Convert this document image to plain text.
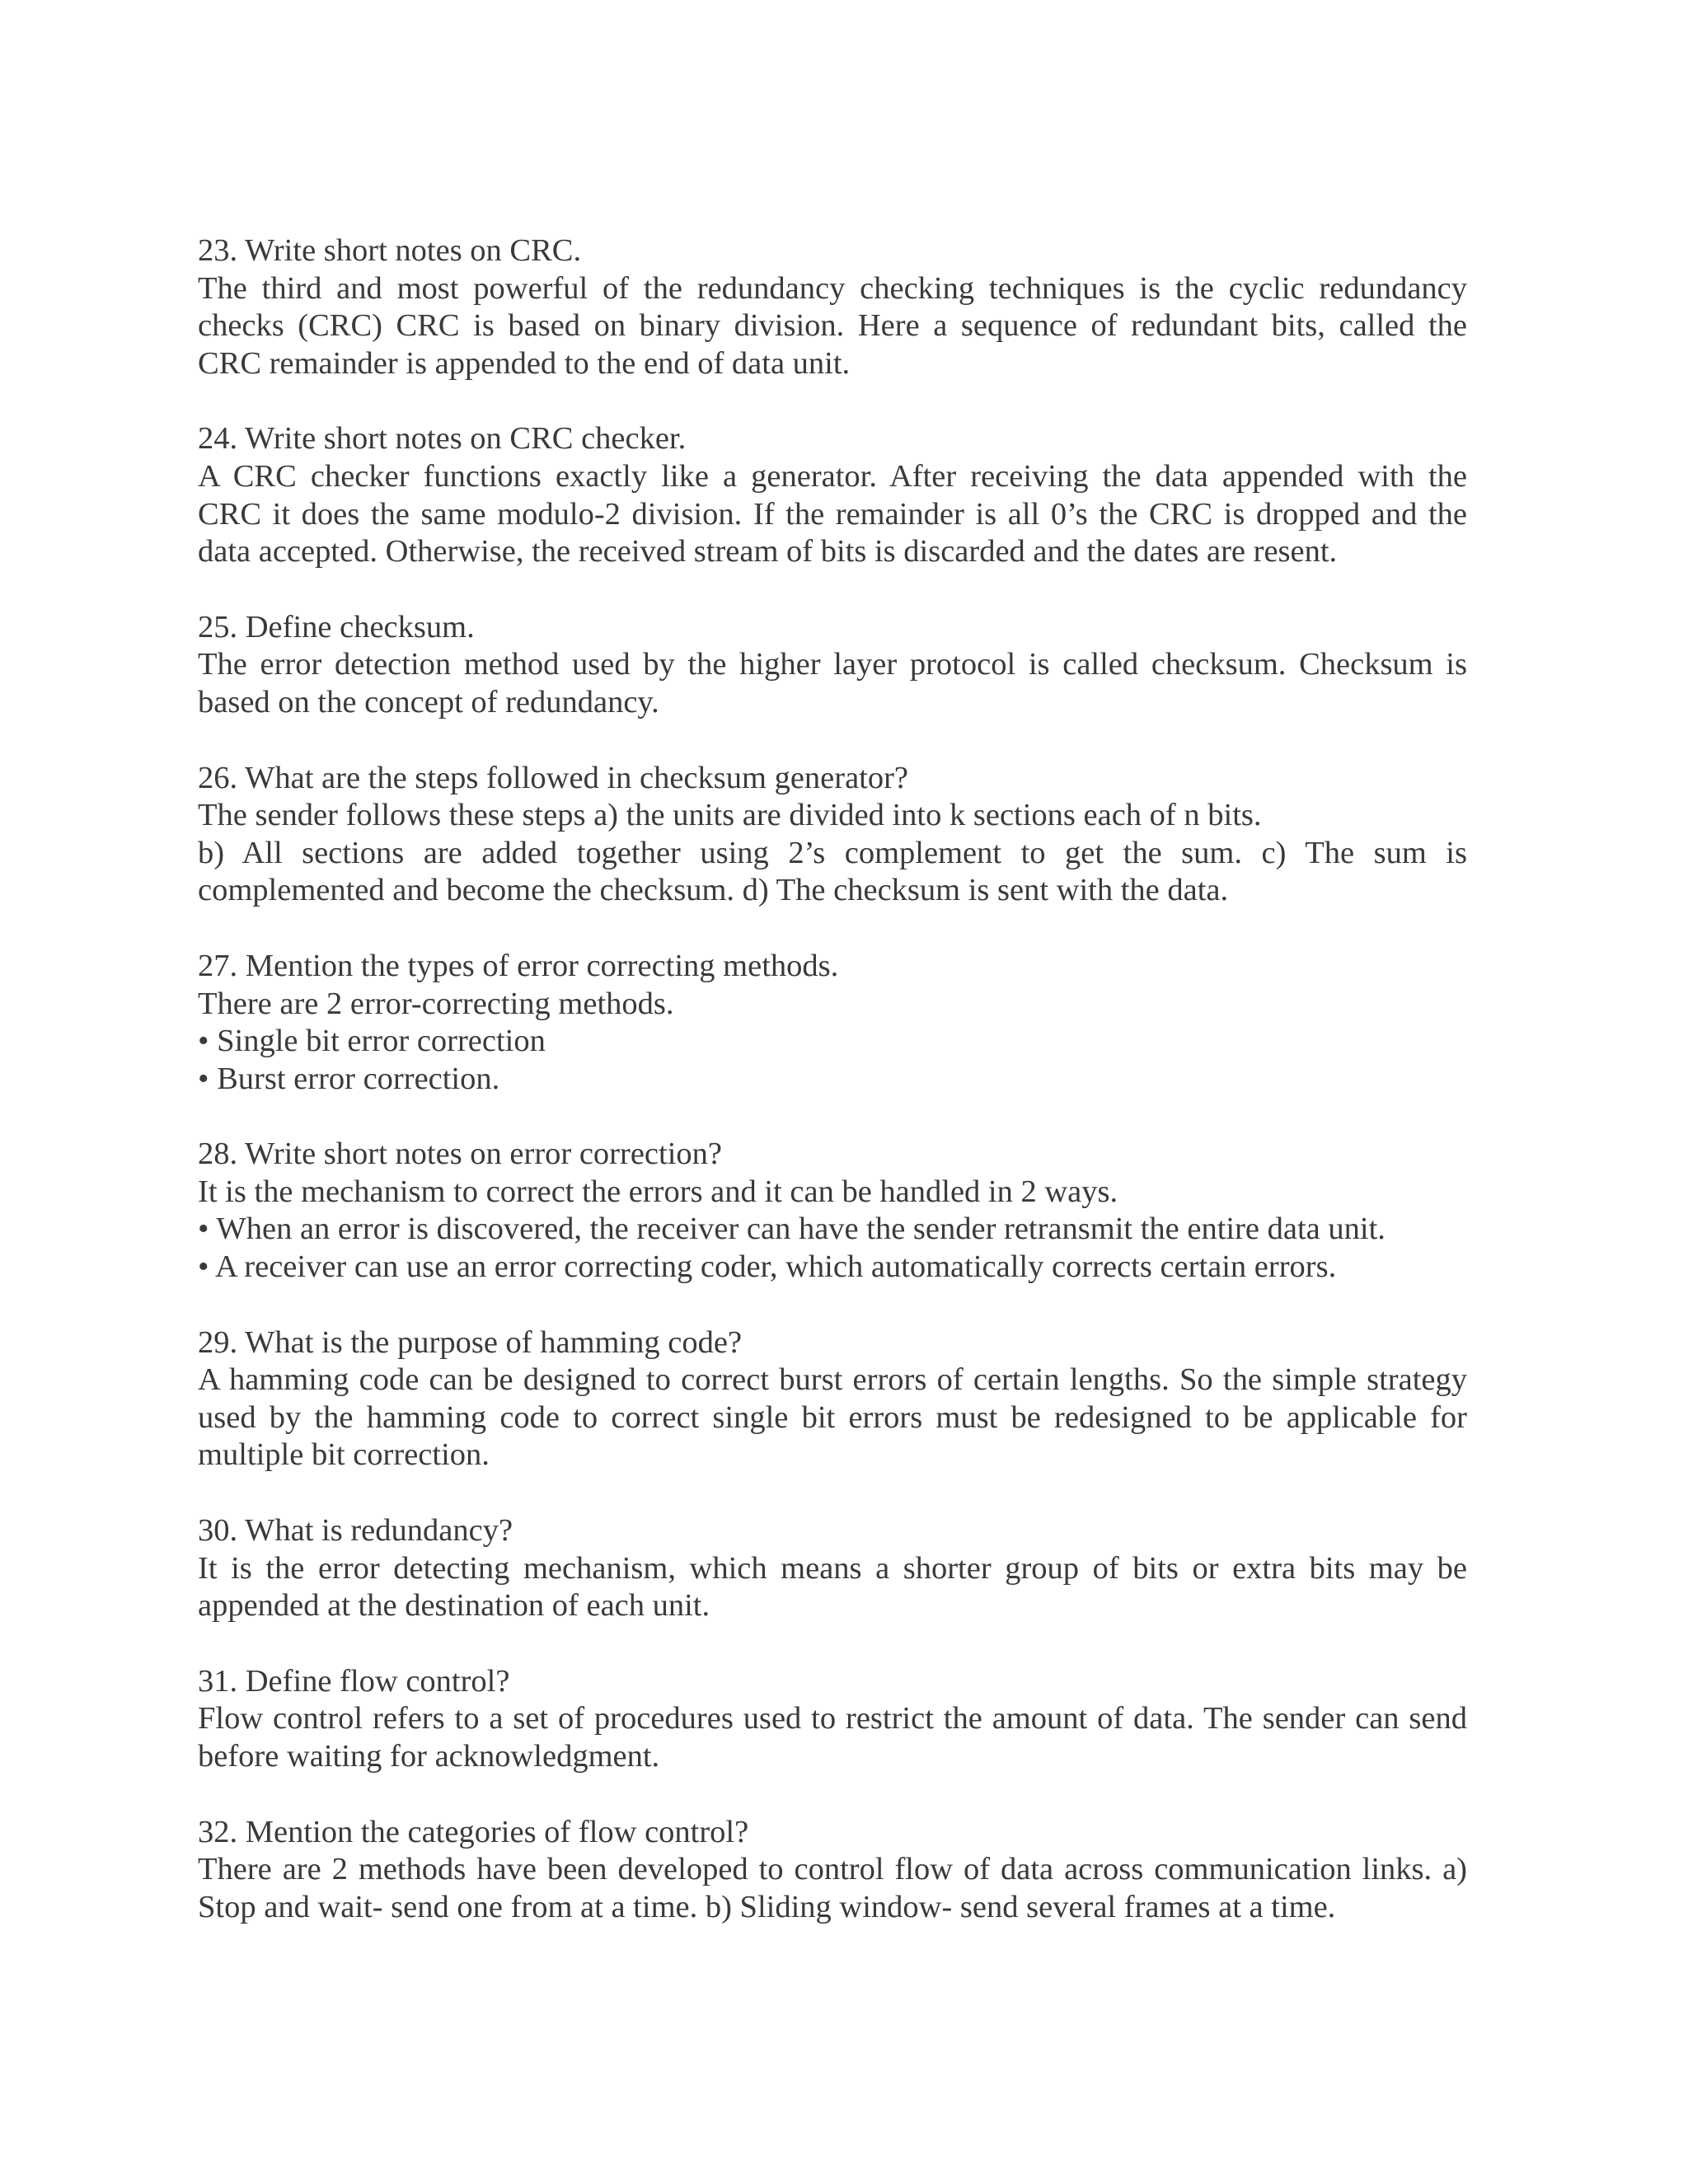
23. Write short notes on CRC.
The third and most powerful of the redundancy checking techniques is the cyclic redundancy
checks (CRC) CRC is based on binary division. Here a sequence of redundant bits, called the
CRC remainder is appended to the end of data unit.
24. Write short notes on CRC checker.
A CRC checker functions exactly like a generator. After receiving the data appended with the
CRC it does the same modulo-2 division. If the remainder is all 0’s the CRC is dropped and the
data accepted. Otherwise, the received stream of bits is discarded and the dates are resent.
25. Define checksum.
The error detection method used by the higher layer protocol is called checksum. Checksum is
based on the concept of redundancy.
26. What are the steps followed in checksum generator?
The sender follows these steps a) the units are divided into k sections each of n bits.
b) All sections are added together using 2’s complement to get the sum. c) The sum is
complemented and become the checksum. d) The checksum is sent with the data.
27. Mention the types of error correcting methods.
There are 2 error-correcting methods.
• Single bit error correction
• Burst error correction.
28. Write short notes on error correction?
It is the mechanism to correct the errors and it can be handled in 2 ways.
• When an error is discovered, the receiver can have the sender retransmit the entire data unit.
• A receiver can use an error correcting coder, which automatically corrects certain errors.
29. What is the purpose of hamming code?
A hamming code can be designed to correct burst errors of certain lengths. So the simple strategy
used by the hamming code to correct single bit errors must be redesigned to be applicable for
multiple bit correction.
30. What is redundancy?
It is the error detecting mechanism, which means a shorter group of bits or extra bits may be
appended at the destination of each unit.
31. Define flow control?
Flow control refers to a set of procedures used to restrict the amount of data. The sender can send
before waiting for acknowledgment.
32. Mention the categories of flow control?
There are 2 methods have been developed to control flow of data across communication links. a)
Stop and wait- send one from at a time. b) Sliding window- send several frames at a time.
